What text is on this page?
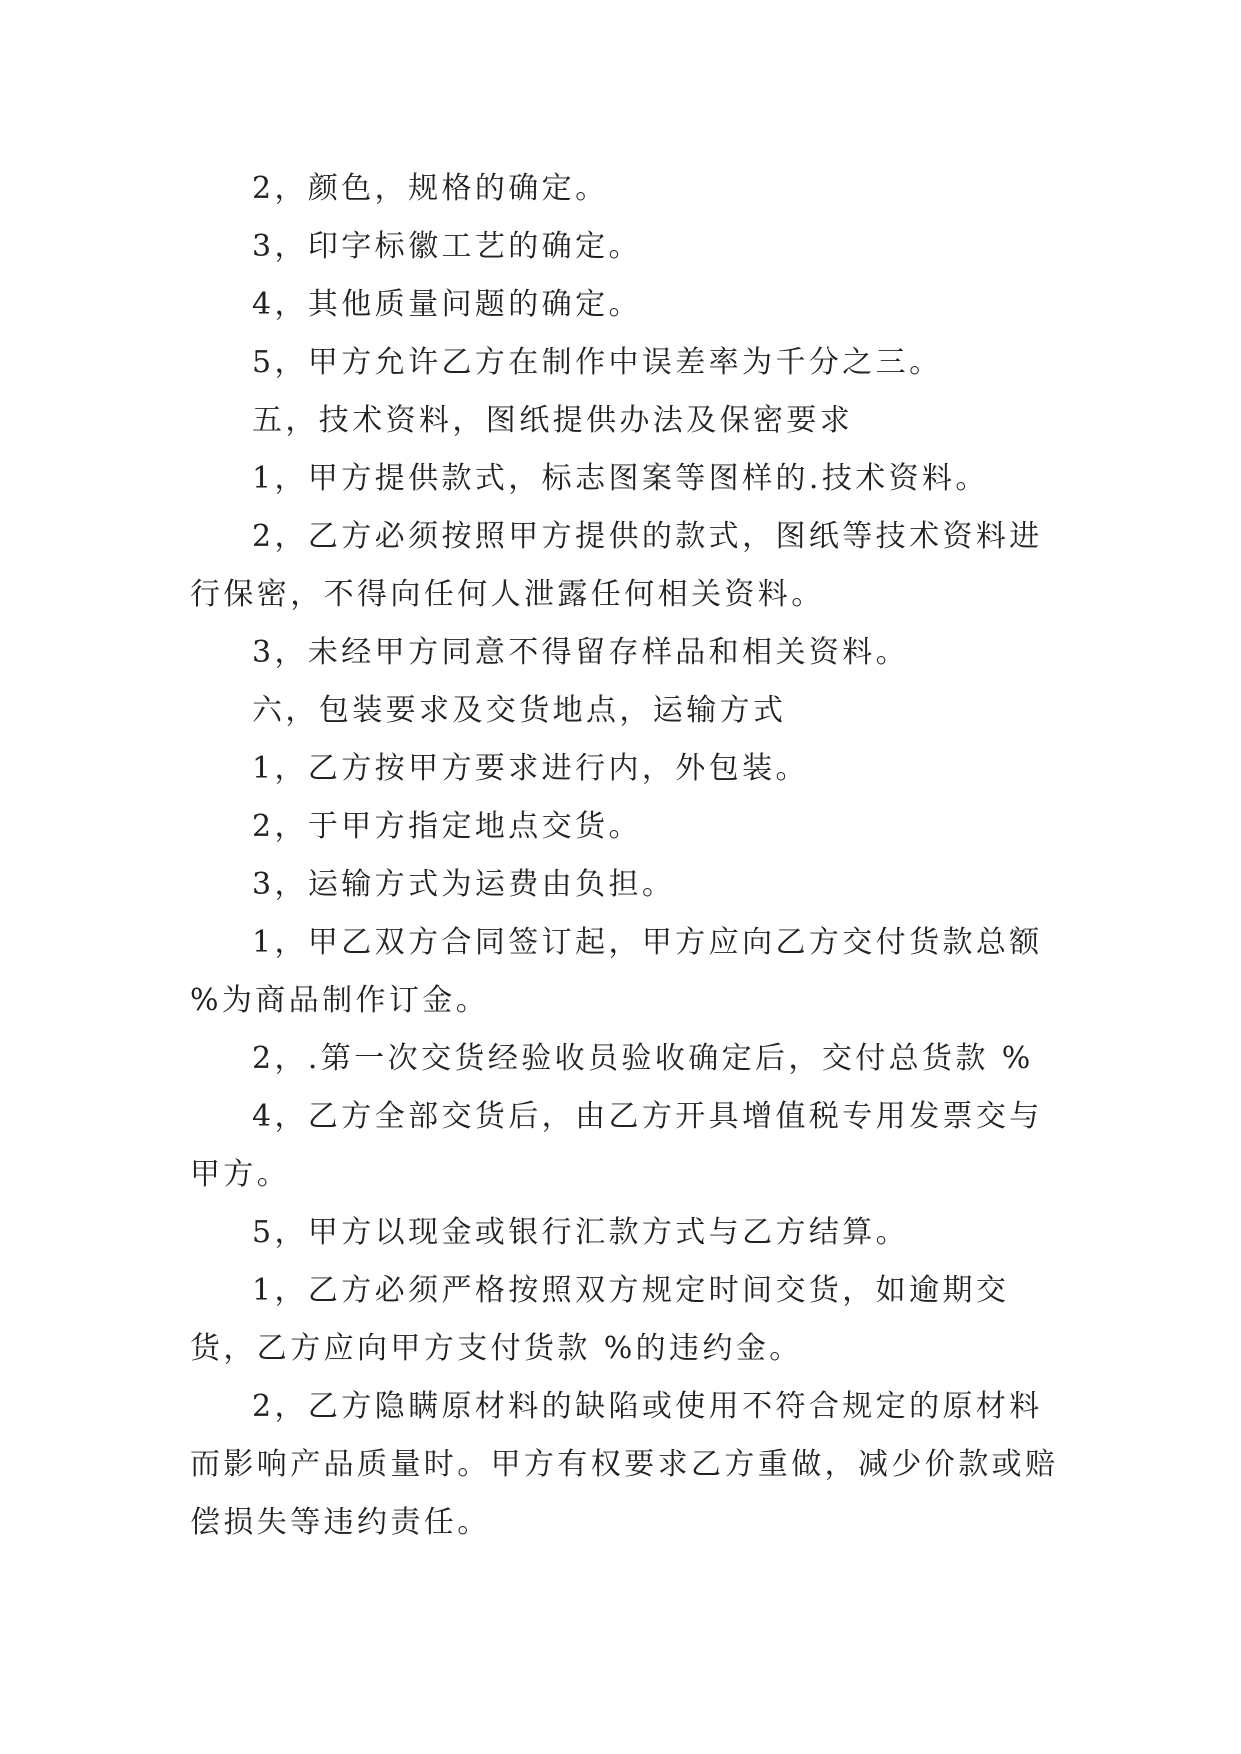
2，颜色，规格的确定。

3，印字标徽工艺的确定。

4，其他质量问题的确定。

5，甲方允许乙方在制作中误差率为千分之三。

五，技术资料，图纸提供办法及保密要求

1，甲方提供款式，标志图案等图样的.技术资料。

2，乙方必须按照甲方提供的款式，图纸等技术资料进行保密，不得向任何人泄露任何相关资料。

3，未经甲方同意不得留存样品和相关资料。

六，包装要求及交货地点，运输方式

1，乙方按甲方要求进行内，外包装。

2，于甲方指定地点交货。

3，运输方式为运费由负担。

1，甲乙双方合同签订起，甲方应向乙方交付货款总额 %为商品制作订金。

2，.第一次交货经验收员验收确定后，交付总货款 %

4，乙方全部交货后，由乙方开具增值税专用发票交与甲方。

5，甲方以现金或银行汇款方式与乙方结算。

1，乙方必须严格按照双方规定时间交货，如逾期交货，乙方应向甲方支付货款 %的违约金。

2，乙方隐瞒原材料的缺陷或使用不符合规定的原材料而影响产品质量时。甲方有权要求乙方重做，减少价款或赔偿损失等违约责任。
